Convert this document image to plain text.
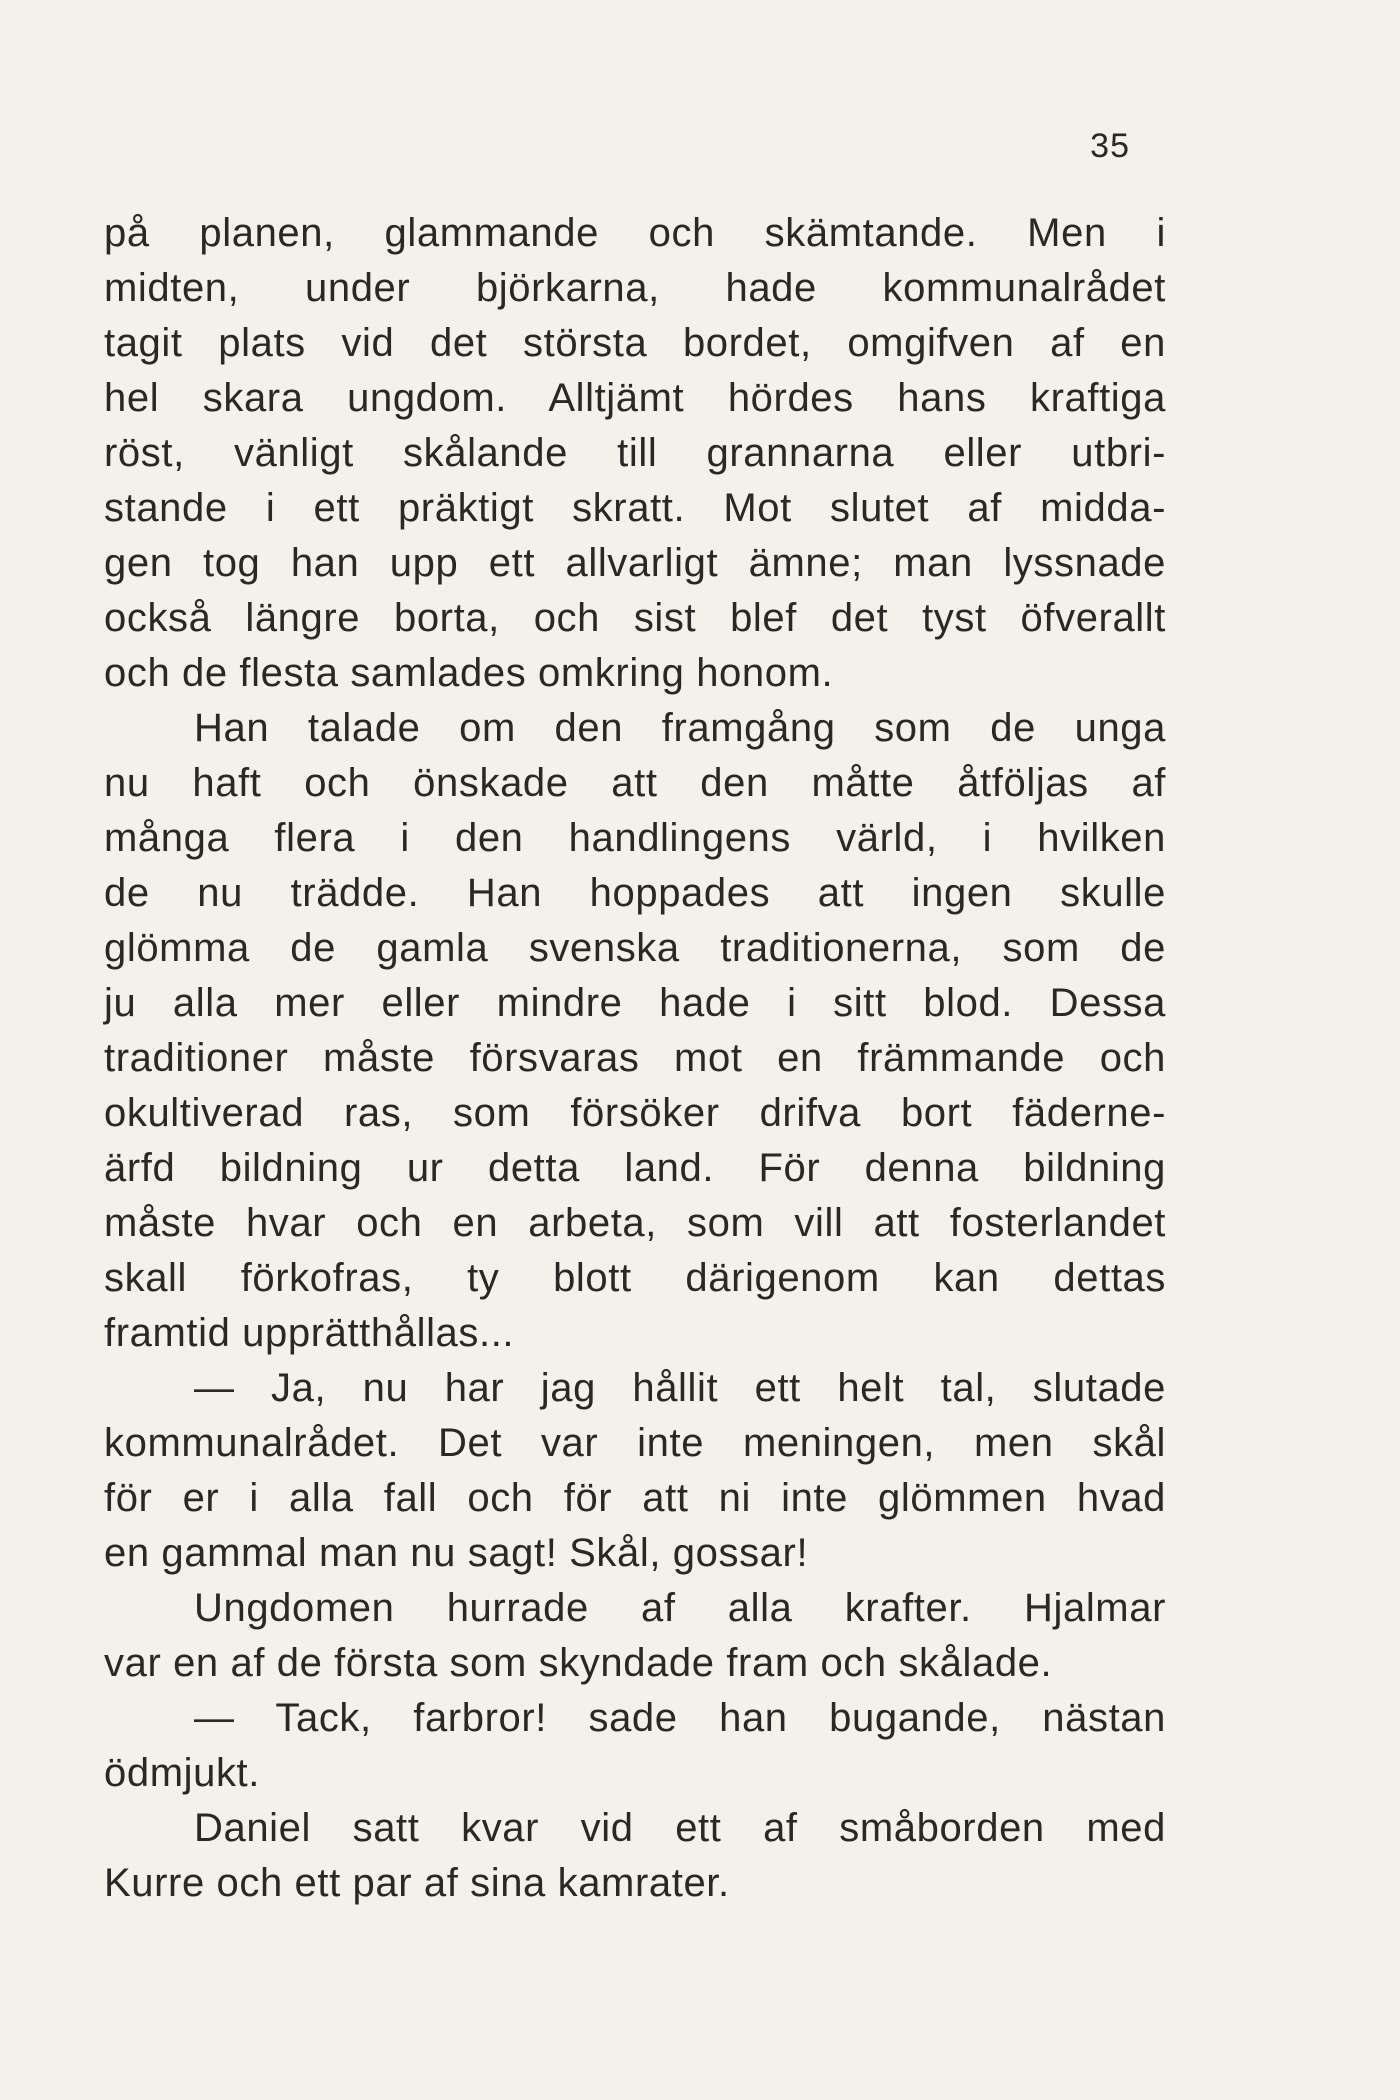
35
på planen, glammande och skämtande. Men i
midten, under björkarna, hade kommunalrådet
tagit plats vid det största bordet, omgifven af en
hel skara ungdom. Alltjämt hördes hans kraftiga
röst, vänligt skålande till grannarna eller utbri-
stande i ett präktigt skratt. Mot slutet af midda-
gen tog han upp ett allvarligt ämne; man lyssnade
också längre borta, och sist blef det tyst öfverallt
och de flesta samlades omkring honom.
Han talade om den framgång som de unga
nu haft och önskade att den måtte åtföljas af
många flera i den handlingens värld, i hvilken
de nu trädde. Han hoppades att ingen skulle
glömma de gamla svenska traditionerna, som de
ju alla mer eller mindre hade i sitt blod. Dessa
traditioner måste försvaras mot en främmande och
okultiverad ras, som försöker drifva bort fäderne-
ärfd bildning ur detta land. För denna bildning
måste hvar och en arbeta, som vill att fosterlandet
skall förkofras, ty blott därigenom kan dettas
framtid upprätthållas...
— Ja, nu har jag hållit ett helt tal, slutade
kommunalrådet. Det var inte meningen, men skål
för er i alla fall och för att ni inte glömmen hvad
en gammal man nu sagt! Skål, gossar!
Ungdomen hurrade af alla krafter. Hjalmar
var en af de första som skyndade fram och skålade.
— Tack, farbror! sade han bugande, nästan
ödmjukt.
Daniel satt kvar vid ett af småborden med
Kurre och ett par af sina kamrater.
